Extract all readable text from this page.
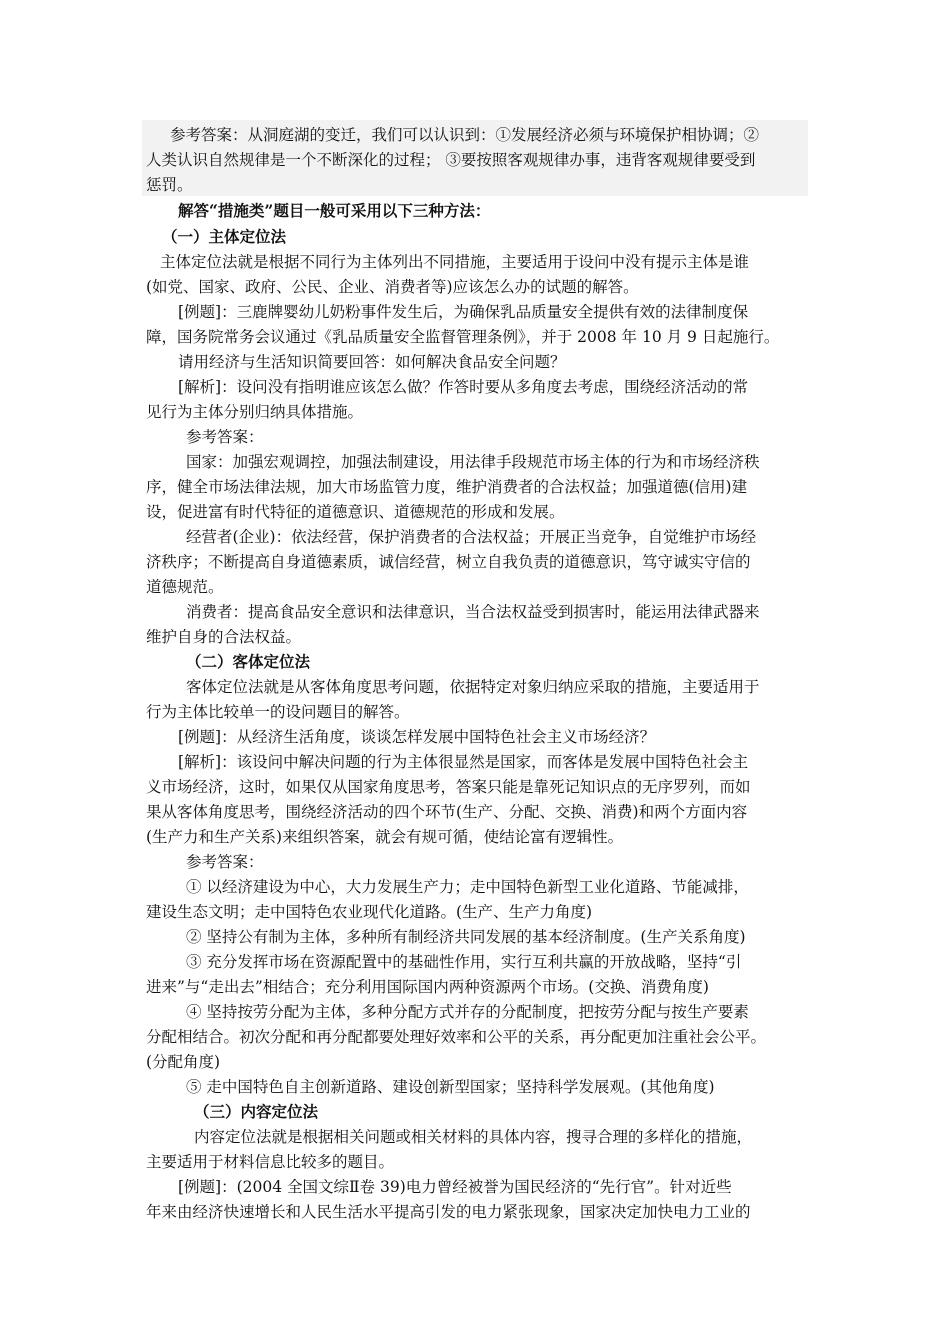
参考答案：从洞庭湖的变迁，我们可以认识到：①发展经济必须与环境保护相协调；②
人类认识自然规律是一个不断深化的过程； ③要按照客观规律办事，违背客观规律要受到
惩罚。
解答“措施类”题目一般可采用以下三种方法：
（一）主体定位法
主体定位法就是根据不同行为主体列出不同措施，主要适用于设问中没有提示主体是谁
(如党、国家、政府、公民、企业、消费者等)应该怎么办的试题的解答。
[例题]：三鹿牌婴幼儿奶粉事件发生后，为确保乳品质量安全提供有效的法律制度保
障，国务院常务会议通过《乳品质量安全监督管理条例》，并于 2008 年 10 月 9 日起施行。
请用经济与生活知识简要回答：如何解决食品安全问题？
[解析]：设问没有指明谁应该怎么做？作答时要从多角度去考虑，围绕经济活动的常
见行为主体分别归纳具体措施。
参考答案：
国家：加强宏观调控，加强法制建设，用法律手段规范市场主体的行为和市场经济秩
序，健全市场法律法规，加大市场监管力度，维护消费者的合法权益；加强道德(信用)建
设，促进富有时代特征的道德意识、道德规范的形成和发展。
经营者(企业)：依法经营，保护消费者的合法权益；开展正当竞争，自觉维护市场经
济秩序；不断提高自身道德素质，诚信经营，树立自我负责的道德意识，笃守诚实守信的
道德规范。
消费者：提高食品安全意识和法律意识，当合法权益受到损害时，能运用法律武器来
维护自身的合法权益。
（二）客体定位法
客体定位法就是从客体角度思考问题，依据特定对象归纳应采取的措施，主要适用于
行为主体比较单一的设问题目的解答。
[例题]：从经济生活角度，谈谈怎样发展中国特色社会主义市场经济？
[解析]：该设问中解决问题的行为主体很显然是国家，而客体是发展中国特色社会主
义市场经济，这时，如果仅从国家角度思考，答案只能是靠死记知识点的无序罗列，而如
果从客体角度思考，围绕经济活动的四个环节(生产、分配、交换、消费)和两个方面内容
(生产力和生产关系)来组织答案，就会有规可循，使结论富有逻辑性。
参考答案：
① 以经济建设为中心，大力发展生产力；走中国特色新型工业化道路、节能减排，
建设生态文明；走中国特色农业现代化道路。(生产、生产力角度)
② 坚持公有制为主体，多种所有制经济共同发展的基本经济制度。(生产关系角度)
③ 充分发挥市场在资源配置中的基础性作用，实行互利共赢的开放战略，坚持“引
进来”与“走出去”相结合；充分利用国际国内两种资源两个市场。(交换、消费角度)
④ 坚持按劳分配为主体，多种分配方式并存的分配制度，把按劳分配与按生产要素
分配相结合。初次分配和再分配都要处理好效率和公平的关系，再分配更加注重社会公平。
(分配角度)
⑤ 走中国特色自主创新道路、建设创新型国家；坚持科学发展观。(其他角度)
（三）内容定位法
内容定位法就是根据相关问题或相关材料的具体内容，搜寻合理的多样化的措施，
主要适用于材料信息比较多的题目。
[例题]：(2004 全国文综Ⅱ卷 39)电力曾经被誉为国民经济的“先行官”。针对近些
年来由经济快速增长和人民生活水平提高引发的电力紧张现象，国家决定加快电力工业的
